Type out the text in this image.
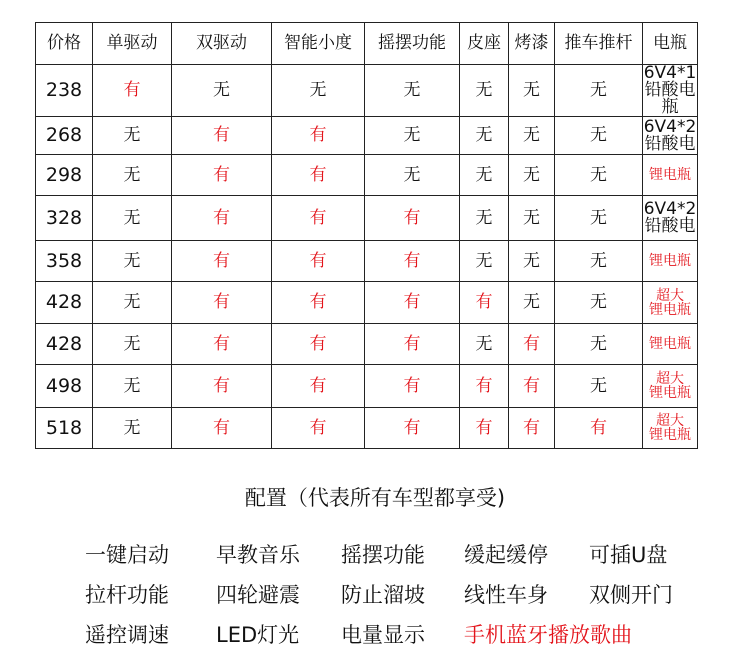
价格	单驱动	双驱动	智能小度	摇摆功能	皮座	烤漆	推车推杆	电瓶
238	有	无	无	无	无	无	无	6V4*1
铅酸电瓶

268	无	有	有	无	无	无	无	6V4*2
铅酸电

298	无	有	有	无	无	无	无	锂电瓶

328	无	有	有	有	无	无	无	6V4*2
铅酸电

358	无	有	有	有	无	无	无	锂电瓶

428	无	有	有	有	有	无	无	超大
锂电瓶

428	无	有	有	有	无	有	无	锂电瓶

498	无	有	有	有	有	有	无	超大
锂电瓶

518	无	有	有	有	有	有	有	超大
锂电瓶
配置（代表所有车型都享受)
一键启动 早教音乐 摇摆功能 缓起缓停 可插U盘
拉杆功能 四轮避震 防止溜坡 线性车身 双侧开门
遥控调速 LED灯光 电量显示 手机蓝牙播放歌曲
